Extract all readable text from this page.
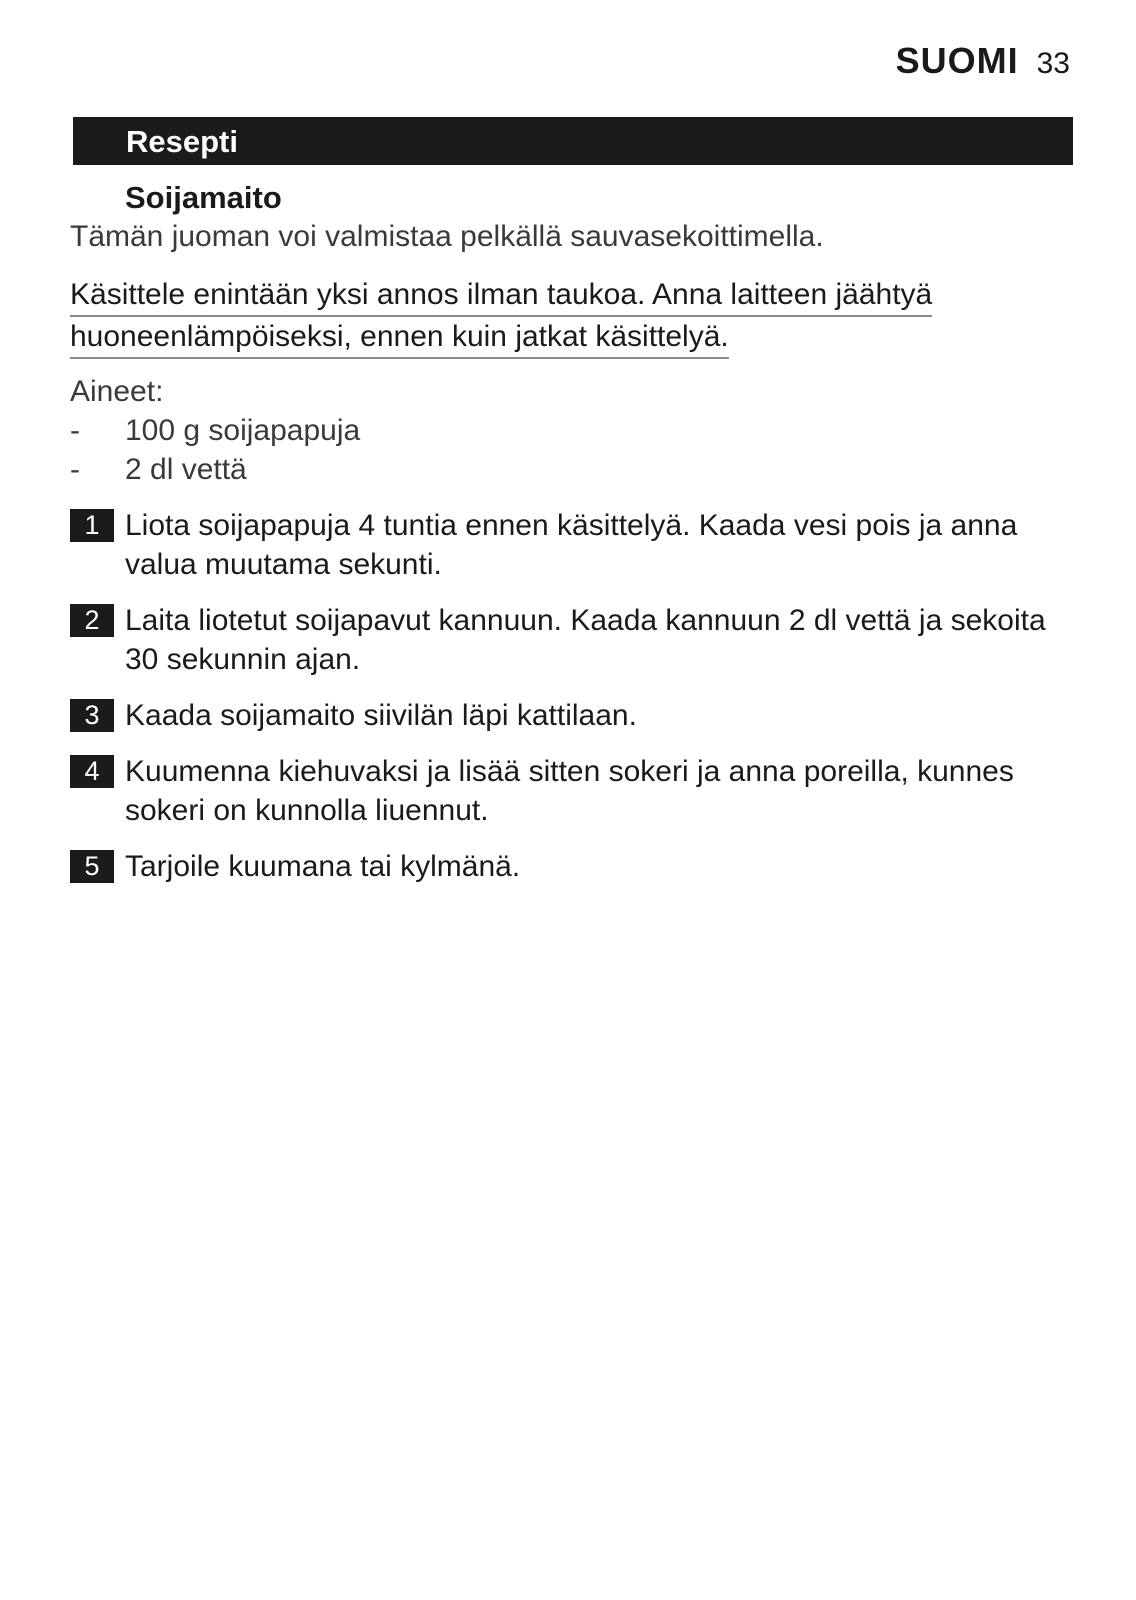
SUOMI 33
Resepti
Soijamaito
Tämän juoman voi valmistaa pelkällä sauvasekoittimella.
Käsittele enintään yksi annos ilman taukoa. Anna laitteen jäähtyä
huoneenlämpöiseksi, ennen kuin jatkat käsittelyä.
Aineet:
- 100 g soijapapuja
- 2 dl vettä
1 Liota soijapapuja 4 tuntia ennen käsittelyä. Kaada vesi pois ja anna valua muutama sekunti.
2 Laita liotetut soijapavut kannuun. Kaada kannuun 2 dl vettä ja sekoita 30 sekunnin ajan.
3 Kaada soijamaito siivilän läpi kattilaan.
4 Kuumenna kiehuvaksi ja lisää sitten sokeri ja anna poreilla, kunnes sokeri on kunnolla liuennut.
5 Tarjoile kuumana tai kylmänä.
